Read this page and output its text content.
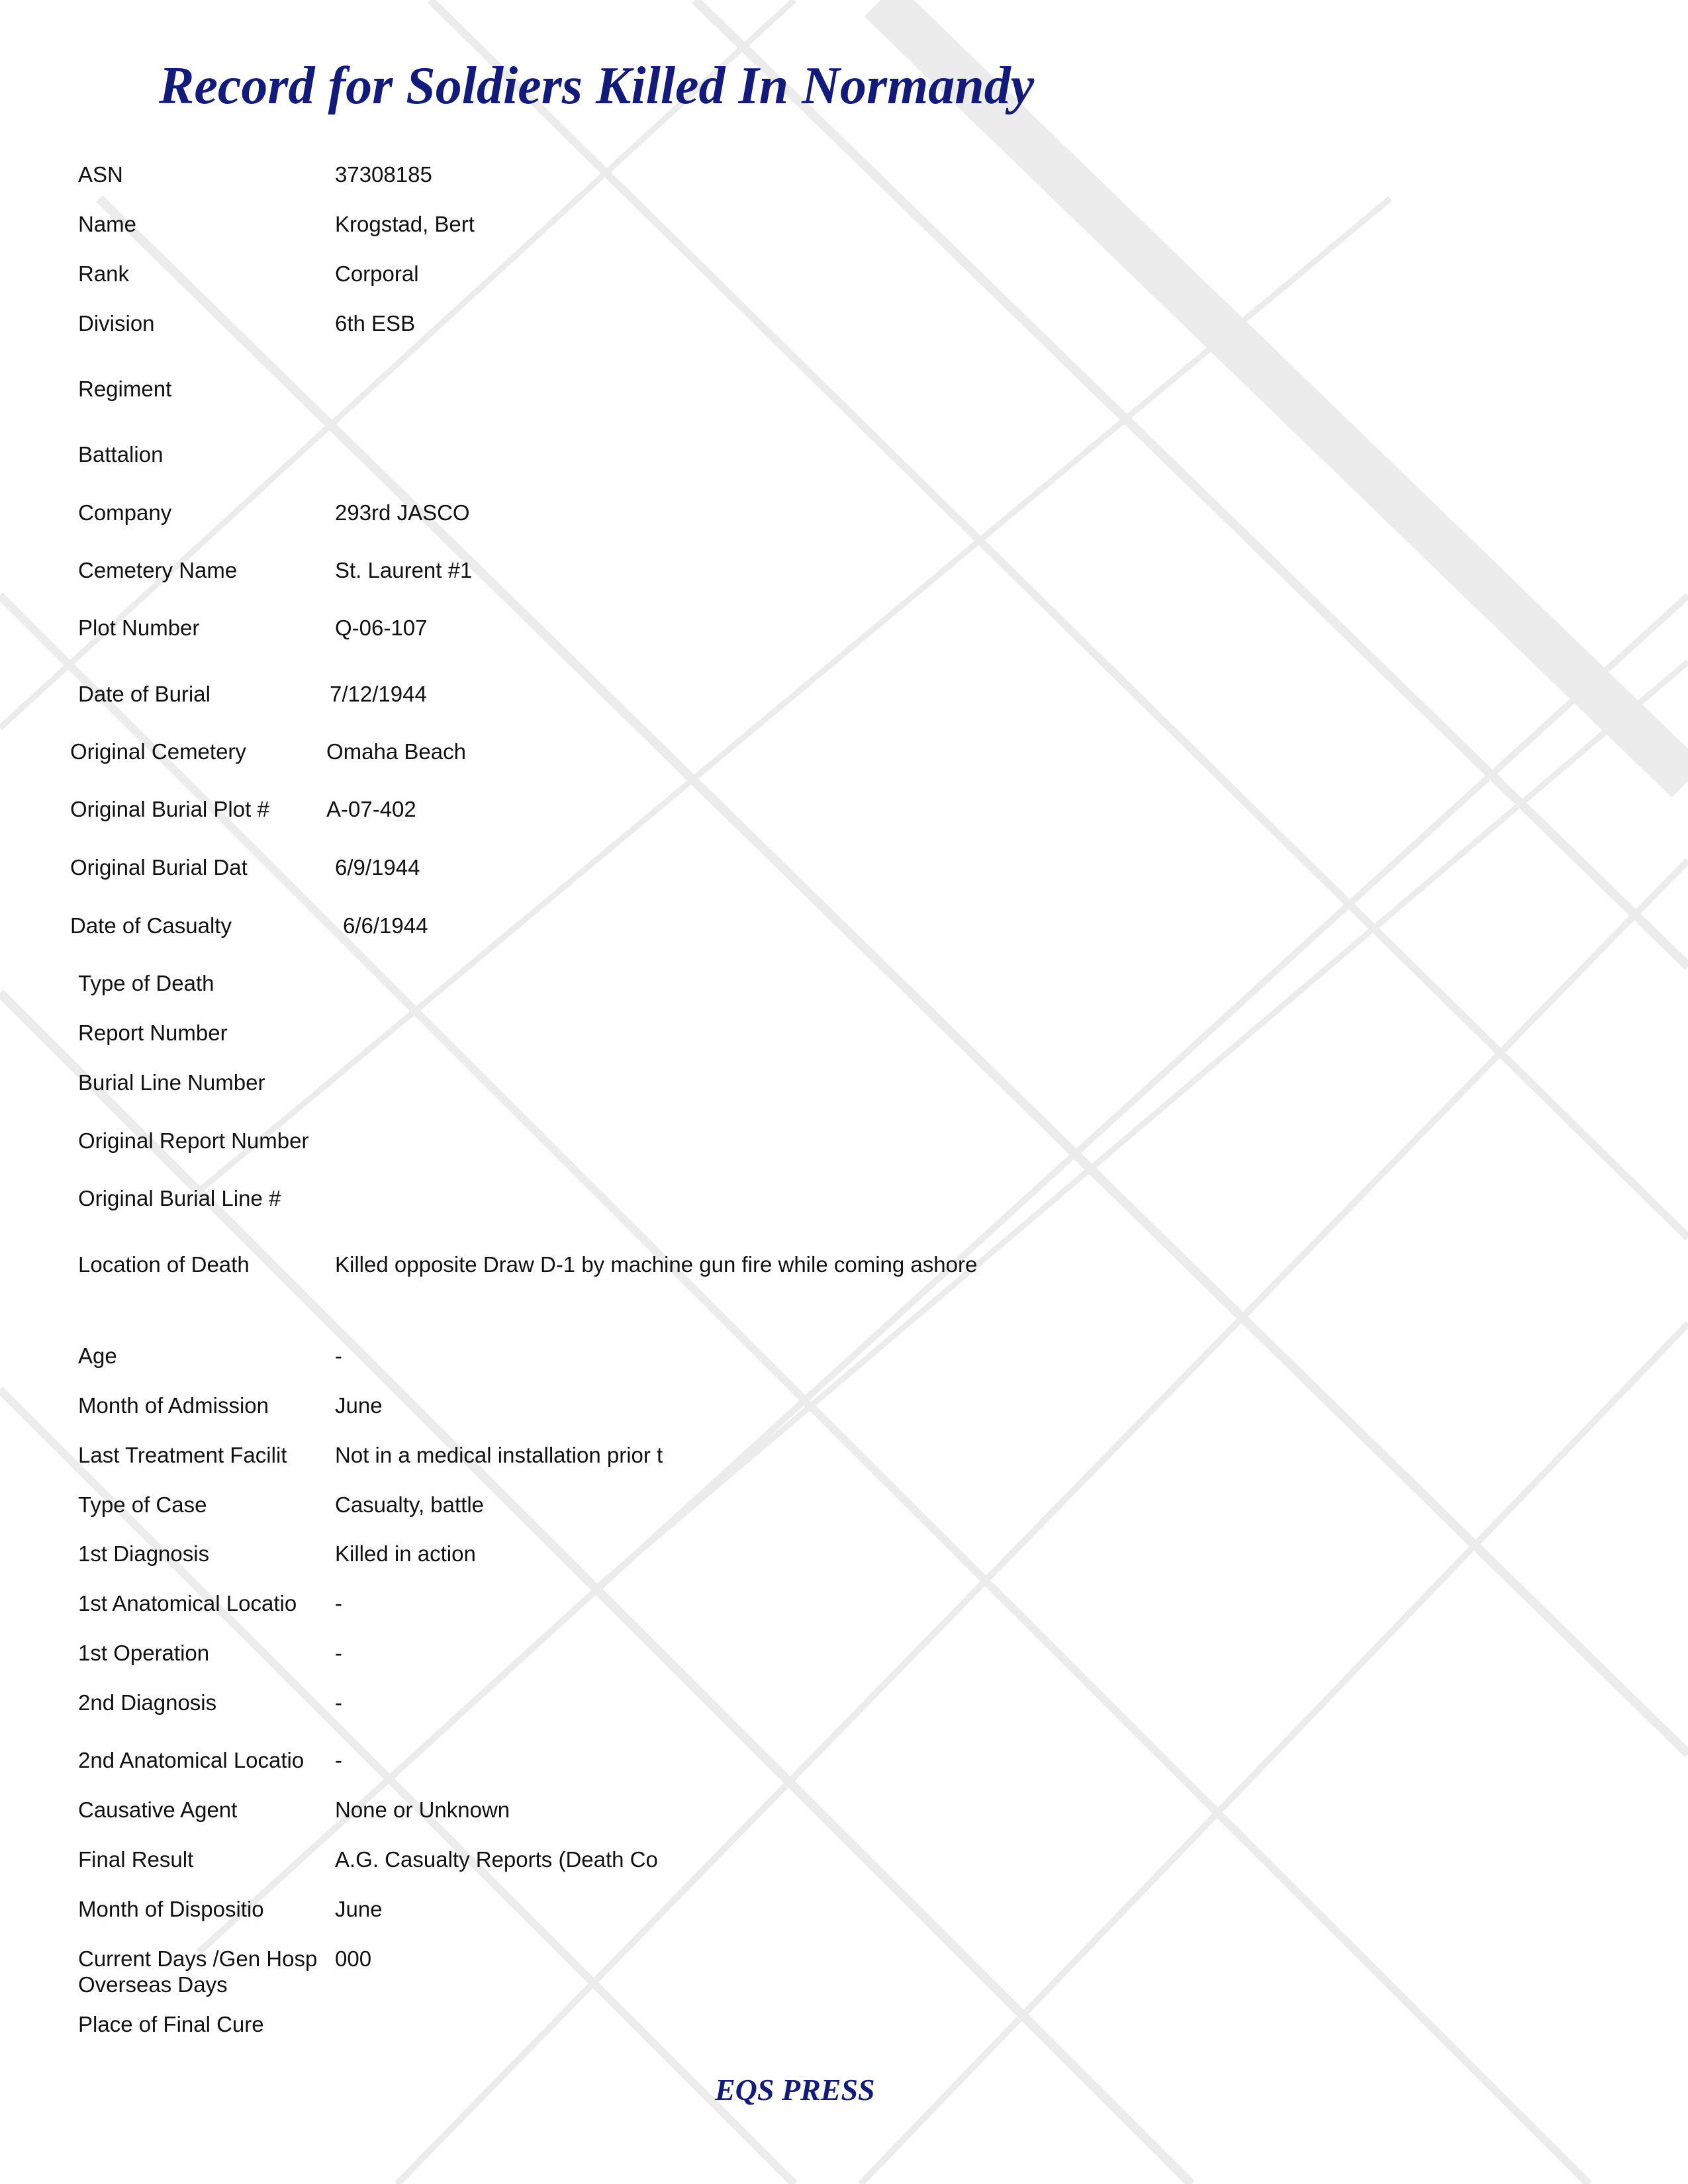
Record for Soldiers Killed In Normandy
ASN	37308185
Name	Krogstad, Bert
Rank	Corporal
Division	6th ESB
Regiment
Battalion
Company	293rd JASCO
Cemetery Name	St. Laurent #1
Plot Number	Q-06-107
Date of Burial	7/12/1944
Original Cemetery	Omaha Beach
Original Burial Plot #	A-07-402
Original Burial Dat	6/9/1944
Date of Casualty	6/6/1944
Type of Death
Report Number
Burial Line Number
Original Report Number
Original Burial Line #
Location of Death	Killed opposite Draw D-1 by machine gun fire while coming ashore
Age	-
Month of Admission	June
Last Treatment Facilit Not in a medical installation prior t
Type of Case	Casualty, battle
1st Diagnosis	Killed in action
1st Anatomical Locatio -
1st Operation	-
2nd Diagnosis	-
2nd Anatomical Locatio -
Causative Agent	None or Unknown
Final Result	A.G. Casualty Reports (Death Co
Month of Dispositio	June
Current Days /Gen Hosp 000
Overseas Days
Place of Final Cure
EQS PRESS
